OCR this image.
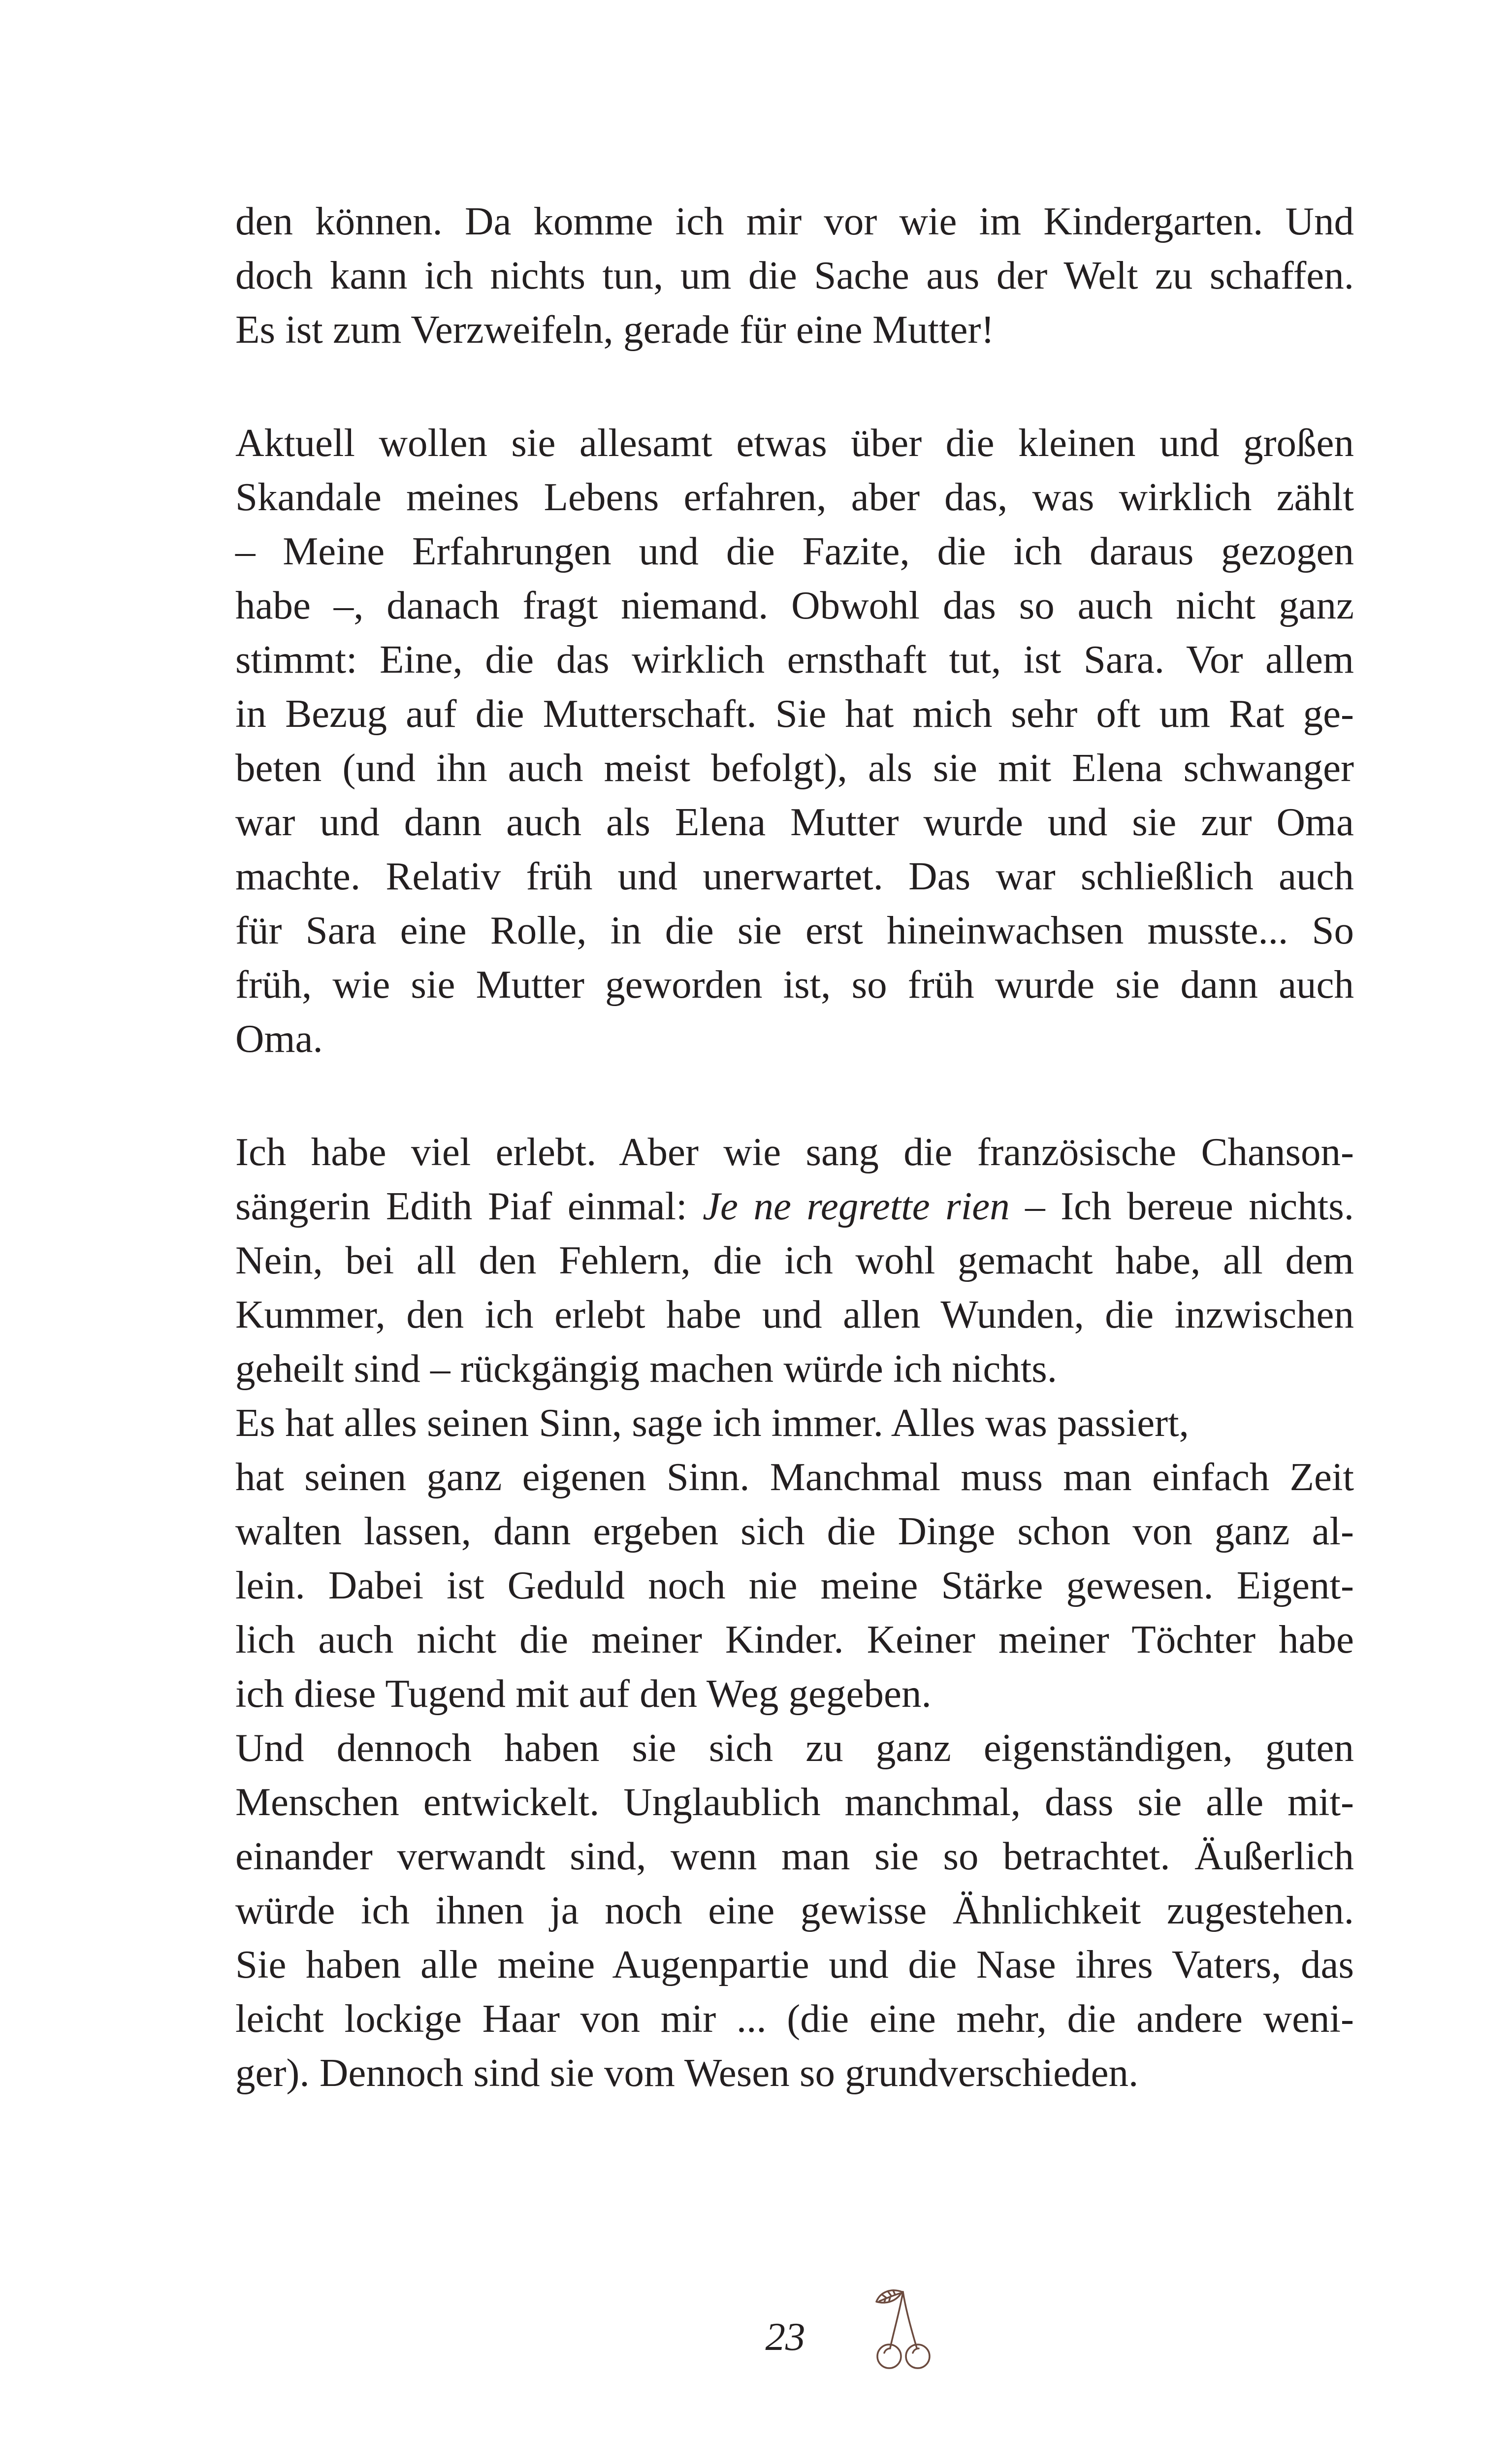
den können. Da komme ich mir vor wie im Kindergarten. Und
doch kann ich nichts tun, um die Sache aus der Welt zu schaffen.
Es ist zum Verzweifeln, gerade für eine Mutter!
Aktuell wollen sie allesamt etwas über die kleinen und großen
Skandale meines Lebens erfahren, aber das, was wirklich zählt
– Meine Erfahrungen und die Fazite, die ich daraus gezogen
habe –, danach fragt niemand. Obwohl das so auch nicht ganz
stimmt: Eine, die das wirklich ernsthaft tut, ist Sara. Vor allem
in Bezug auf die Mutterschaft. Sie hat mich sehr oft um Rat ge-
beten (und ihn auch meist befolgt), als sie mit Elena schwanger
war und dann auch als Elena Mutter wurde und sie zur Oma
machte. Relativ früh und unerwartet. Das war schließlich auch
für Sara eine Rolle, in die sie erst hineinwachsen musste... So
früh, wie sie Mutter geworden ist, so früh wurde sie dann auch
Oma.
Ich habe viel erlebt. Aber wie sang die französische Chanson-
sängerin Edith Piaf einmal: Je ne regrette rien – Ich bereue nichts.
Nein, bei all den Fehlern, die ich wohl gemacht habe, all dem
Kummer, den ich erlebt habe und allen Wunden, die inzwischen
geheilt sind – rückgängig machen würde ich nichts.
Es hat alles seinen Sinn, sage ich immer. Alles was passiert,
hat seinen ganz eigenen Sinn. Manchmal muss man einfach Zeit
walten lassen, dann ergeben sich die Dinge schon von ganz al-
lein. Dabei ist Geduld noch nie meine Stärke gewesen. Eigent-
lich auch nicht die meiner Kinder. Keiner meiner Töchter habe
ich diese Tugend mit auf den Weg gegeben.
Und dennoch haben sie sich zu ganz eigenständigen, guten
Menschen entwickelt. Unglaublich manchmal, dass sie alle mit-
einander verwandt sind, wenn man sie so betrachtet. Äußerlich
würde ich ihnen ja noch eine gewisse Ähnlichkeit zugestehen.
Sie haben alle meine Augenpartie und die Nase ihres Vaters, das
leicht lockige Haar von mir ... (die eine mehr, die andere weni-
ger). Dennoch sind sie vom Wesen so grundverschieden.
23
